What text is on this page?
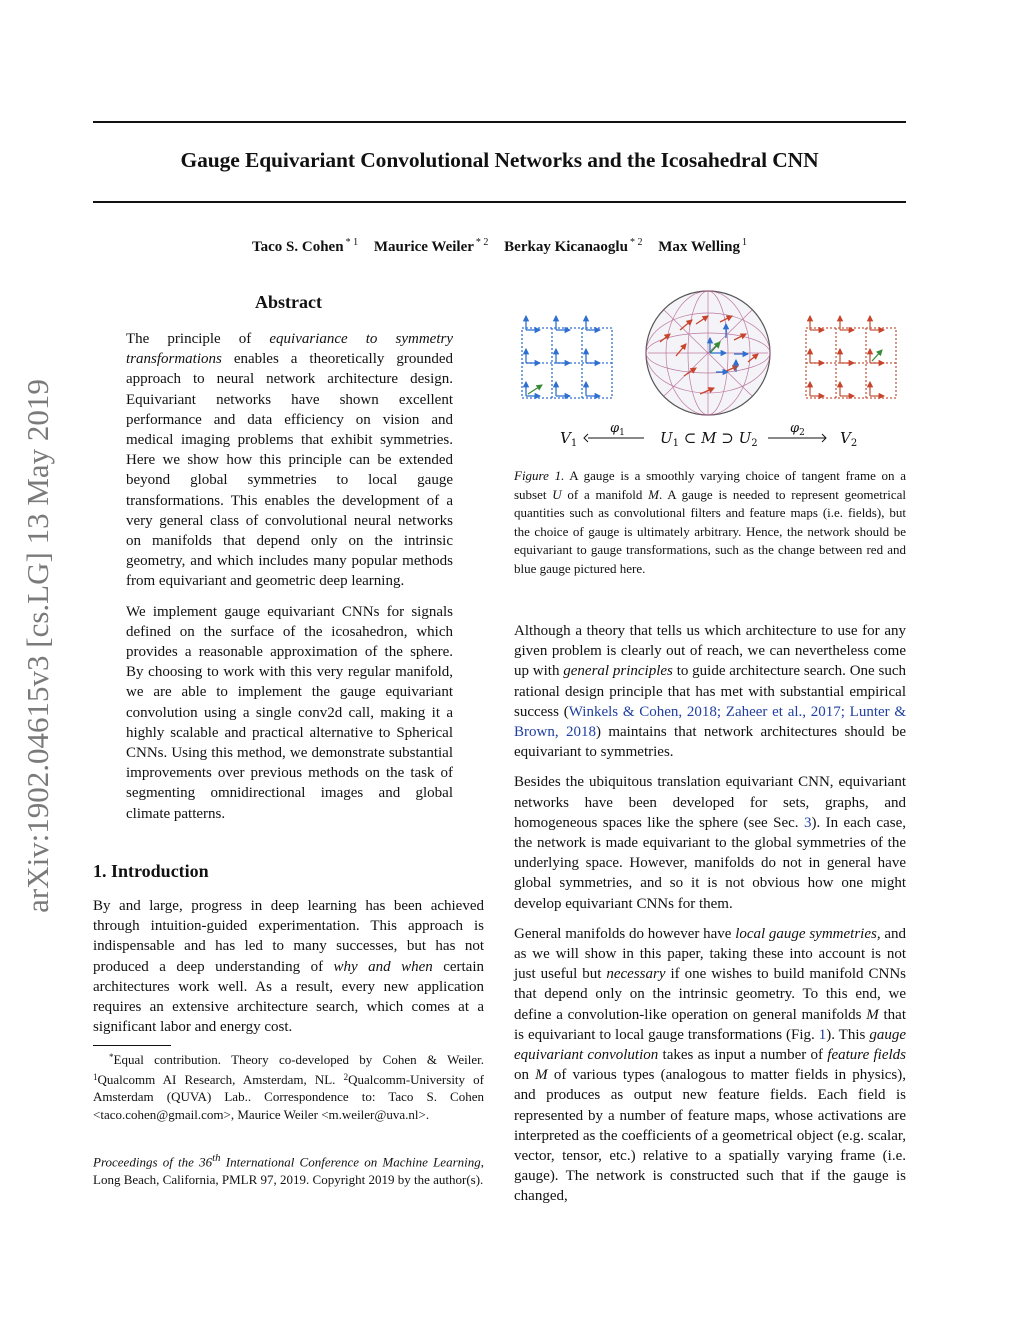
Gauge Equivariant Convolutional Networks and the Icosahedral CNN
Taco S. Cohen $^{* 1}$ Maurice Weiler $^{* 2}$ Berkay Kicanaoglu $^{* 2}$ Max Welling $^1$
arXiv:1902.04615v3 [cs.LG] 13 May 2019
Abstract

The principle of equivariance to symmetry transformations enables a theoretically grounded approach to neural network architecture design. Equivariant networks have shown excellent performance and data efficiency on vision and medical imaging problems that exhibit symmetries. Here we show how this principle can be extended beyond global symmetries to local gauge transformations. This enables the development of a very general class of convolutional neural networks on manifolds that depend only on the intrinsic geometry, and which includes many popular methods from equivariant and geometric deep learning.

We implement gauge equivariant CNNs for signals defined on the surface of the icosahedron, which provides a reasonable approximation of the sphere. By choosing to work with this very regular manifold, we are able to implement the gauge equivariant convolution using a single conv2d call, making it a highly scalable and practical alternative to Spherical CNNs. Using this method, we demonstrate substantial improvements over previous methods on the task of segmenting omnidirectional images and global climate patterns.

1. Introduction

By and large, progress in deep learning has been achieved through intuition-guided experimentation. This approach is indispensable and has led to many successes, but has not produced a deep understanding of why and when certain architectures work well. As a result, every new application requires an extensive architecture search, which comes at a significant labor and energy cost.

*Equal contribution. Theory co-developed by Cohen & Weiler. $^1$Qualcomm AI Research, Amsterdam, NL. $^2$Qualcomm-University of Amsterdam (QUVA) Lab.. Correspondence to: Taco S. Cohen <taco.cohen@gmail.com>, Maurice Weiler <m.weiler@uva.nl>.
Proceedings of the 36th International Conference on Machine Learning, Long Beach, California, PMLR 97, 2019. Copyright 2019 by the author(s).
$V_1$
$\varphi_1$ $U_1$ ⊂ M ⊃ $U_2$
$\varphi_2$ $V_2$
Figure 1. A gauge is a smoothly varying choice of tangent frame on a subset U of a manifold M. A gauge is needed to represent geometrical quantities such as convolutional filters and feature maps (i.e. fields), but the choice of gauge is ultimately arbitrary. Hence, the network should be equivariant to gauge transformations, such as the change between red and blue gauge pictured here.

Although a theory that tells us which architecture to use for any given problem is clearly out of reach, we can nevertheless come up with general principles to guide architecture search. One such rational design principle that has met with substantial empirical success (Winkels & Cohen, 2018; Zaheer et al., 2017; Lunter & Brown, 2018) maintains that network architectures should be equivariant to symmetries.

Besides the ubiquitous translation equivariant CNN, equivariant networks have been developed for sets, graphs, and homogeneous spaces like the sphere (see Sec. 3). In each case, the network is made equivariant to the global symmetries of the underlying space. However, manifolds do not in general have global symmetries, and so it is not obvious how one might develop equivariant CNNs for them.

General manifolds do however have local gauge symmetries, and as we will show in this paper, taking these into account is not just useful but necessary if one wishes to build manifold CNNs that depend only on the intrinsic geometry. To this end, we define a convolution-like operation on general manifolds M that is equivariant to local gauge transformations (Fig. 1). This gauge equivariant convolution takes as input a number of feature fields on M of various types (analogous to matter fields in physics), and produces as output new feature fields. Each field is represented by a number of feature maps, whose activations are interpreted as the coefficients of a geometrical object (e.g. scalar, vector, tensor, etc.) relative to a spatially varying frame (i.e. gauge). The network is constructed such that if the gauge is changed,
